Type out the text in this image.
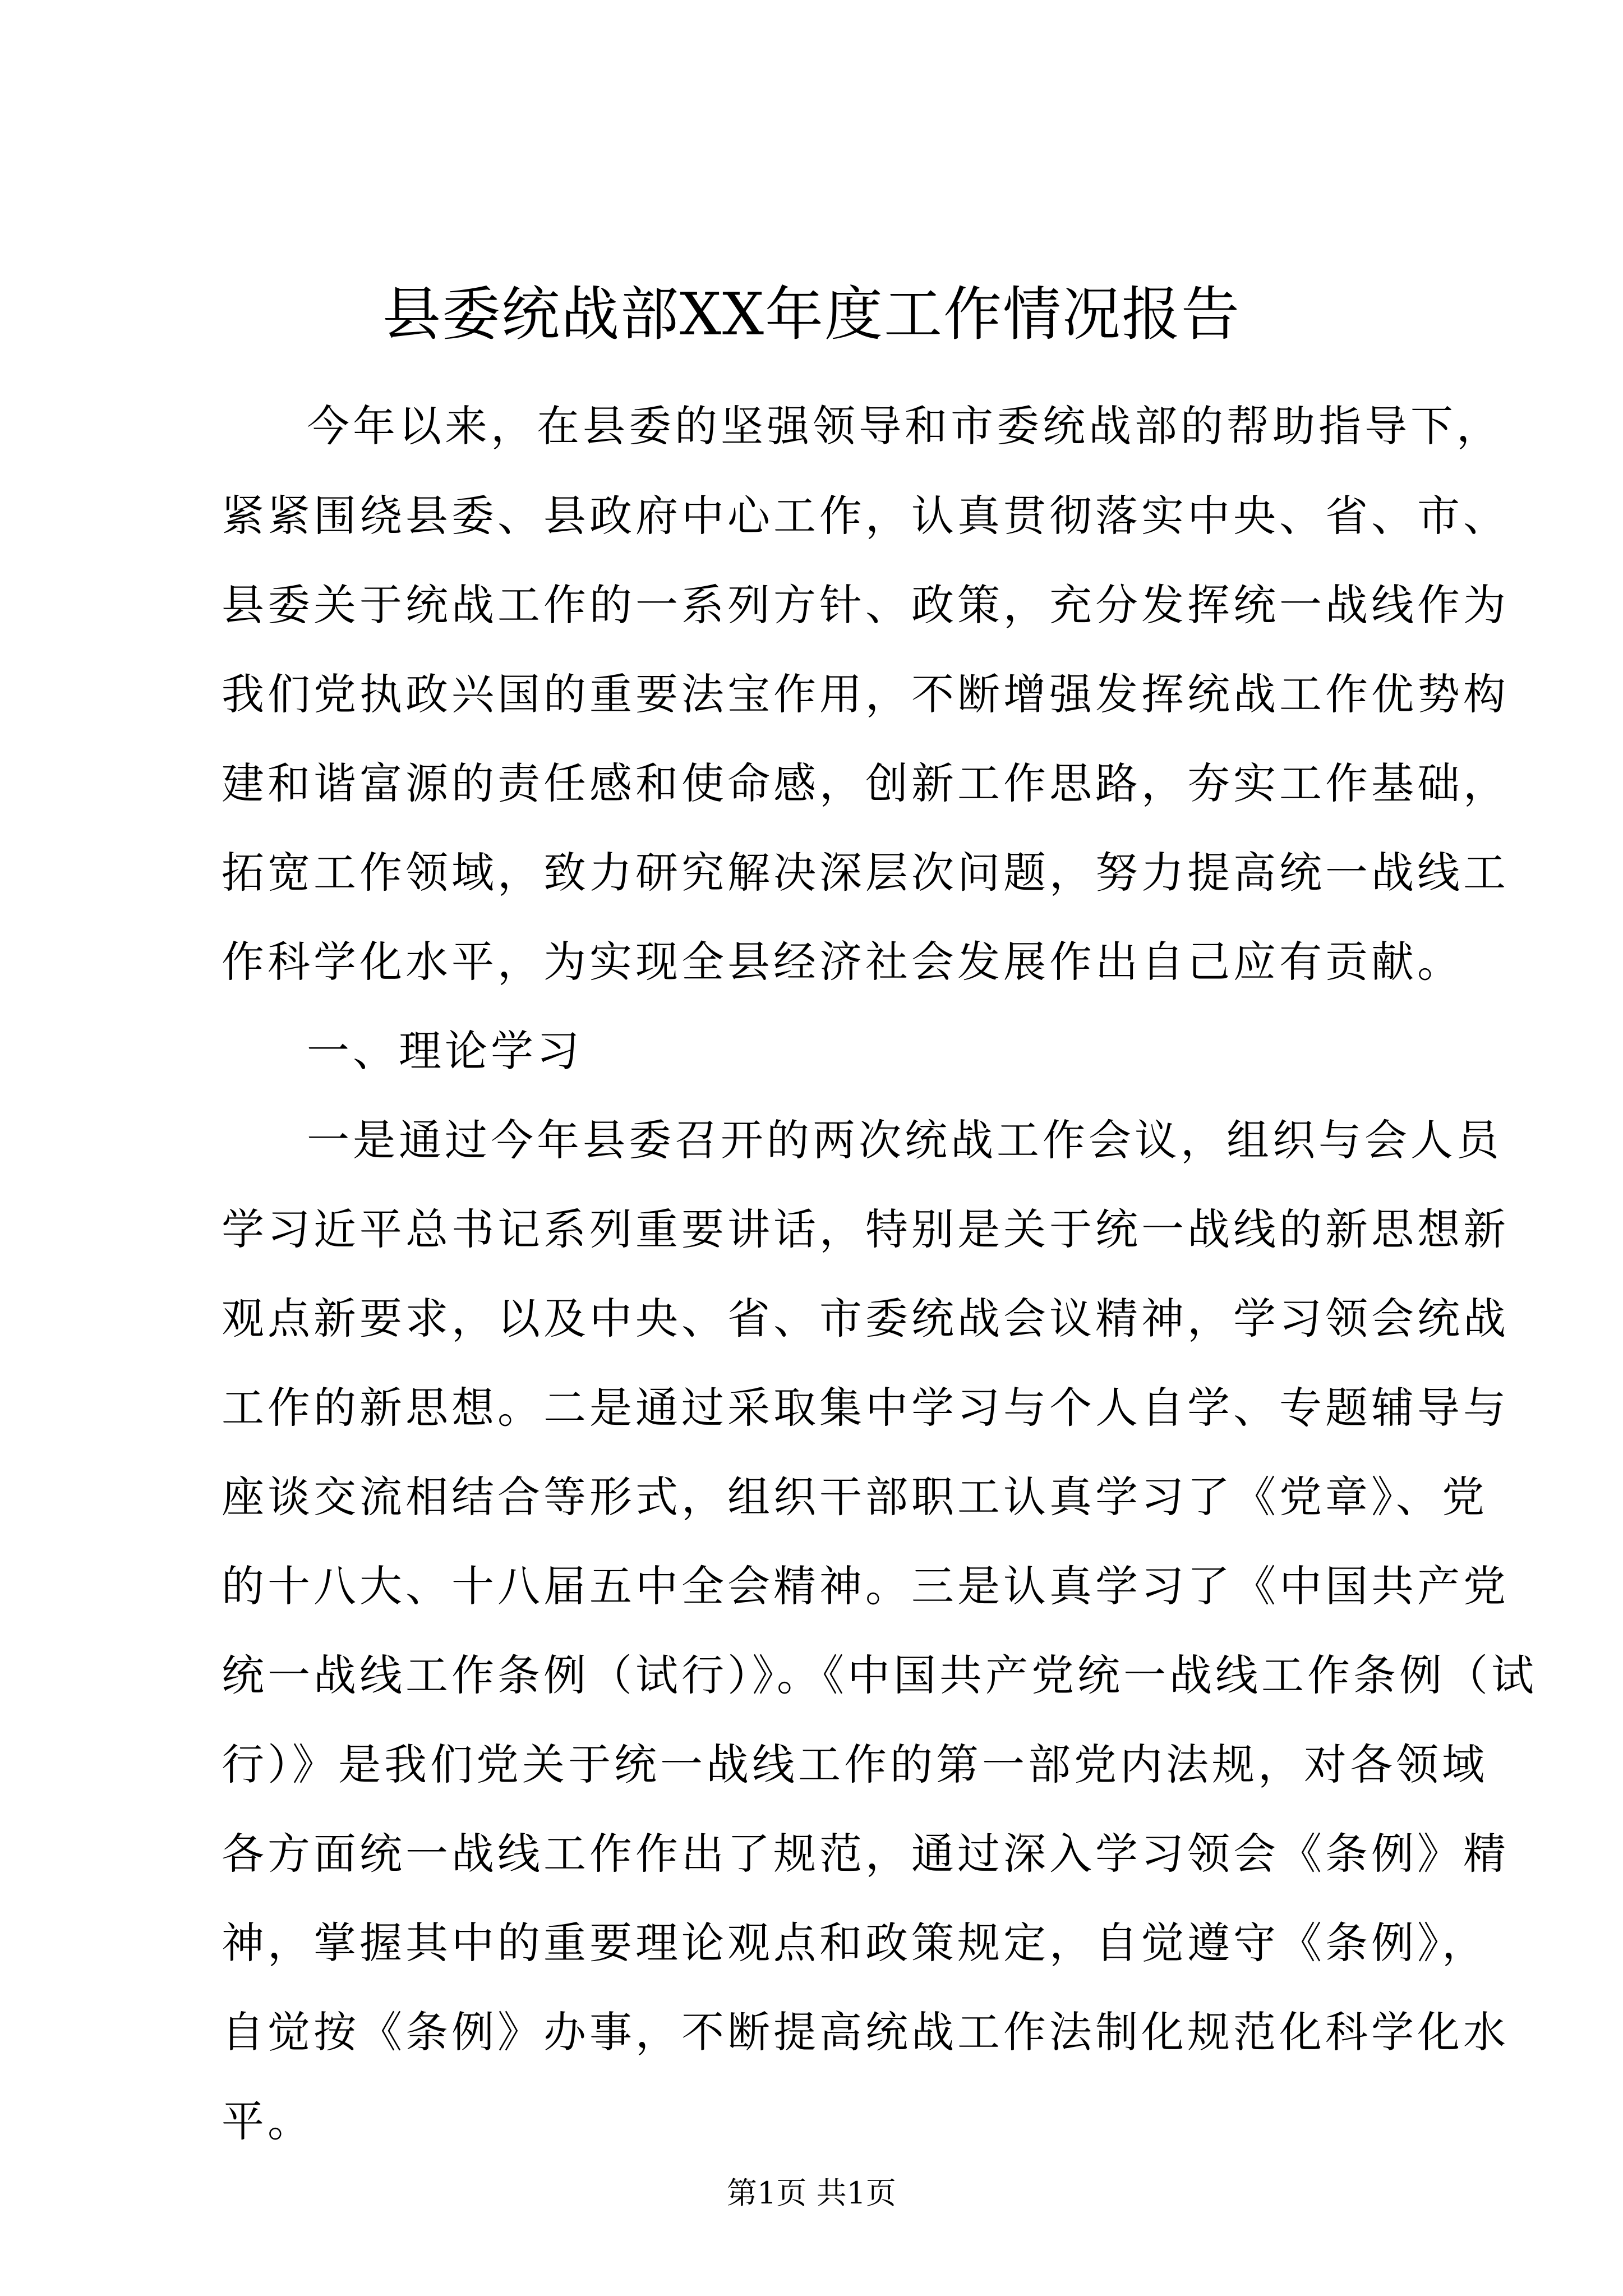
县委统战部XX年度工作情况报告
今年以来，在县委的坚强领导和市委统战部的帮助指导下，
紧紧围绕县委、县政府中心工作，认真贯彻落实中央、省、市、
县委关于统战工作的一系列方针、政策，充分发挥统一战线作为
我们党执政兴国的重要法宝作用，不断增强发挥统战工作优势构
建和谐富源的责任感和使命感，创新工作思路，夯实工作基础，
拓宽工作领域，致力研究解决深层次问题，努力提高统一战线工
作科学化水平，为实现全县经济社会发展作出自己应有贡献。
一、理论学习
一是通过今年县委召开的两次统战工作会议，组织与会人员
学习近平总书记系列重要讲话，特别是关于统一战线的新思想新
观点新要求，以及中央、省、市委统战会议精神，学习领会统战
工作的新思想。二是通过采取集中学习与个人自学、专题辅导与
座谈交流相结合等形式，组织干部职工认真学习了《党章》、党
的十八大、十八届五中全会精神。三是认真学习了《中国共产党
统一战线工作条例（试行）》。《中国共产党统一战线工作条例（试
行）》是我们党关于统一战线工作的第一部党内法规，对各领域
各方面统一战线工作作出了规范，通过深入学习领会《条例》精
神，掌握其中的重要理论观点和政策规定，自觉遵守《条例》，
自觉按《条例》办事，不断提高统战工作法制化规范化科学化水
平。
第1页 共1页
